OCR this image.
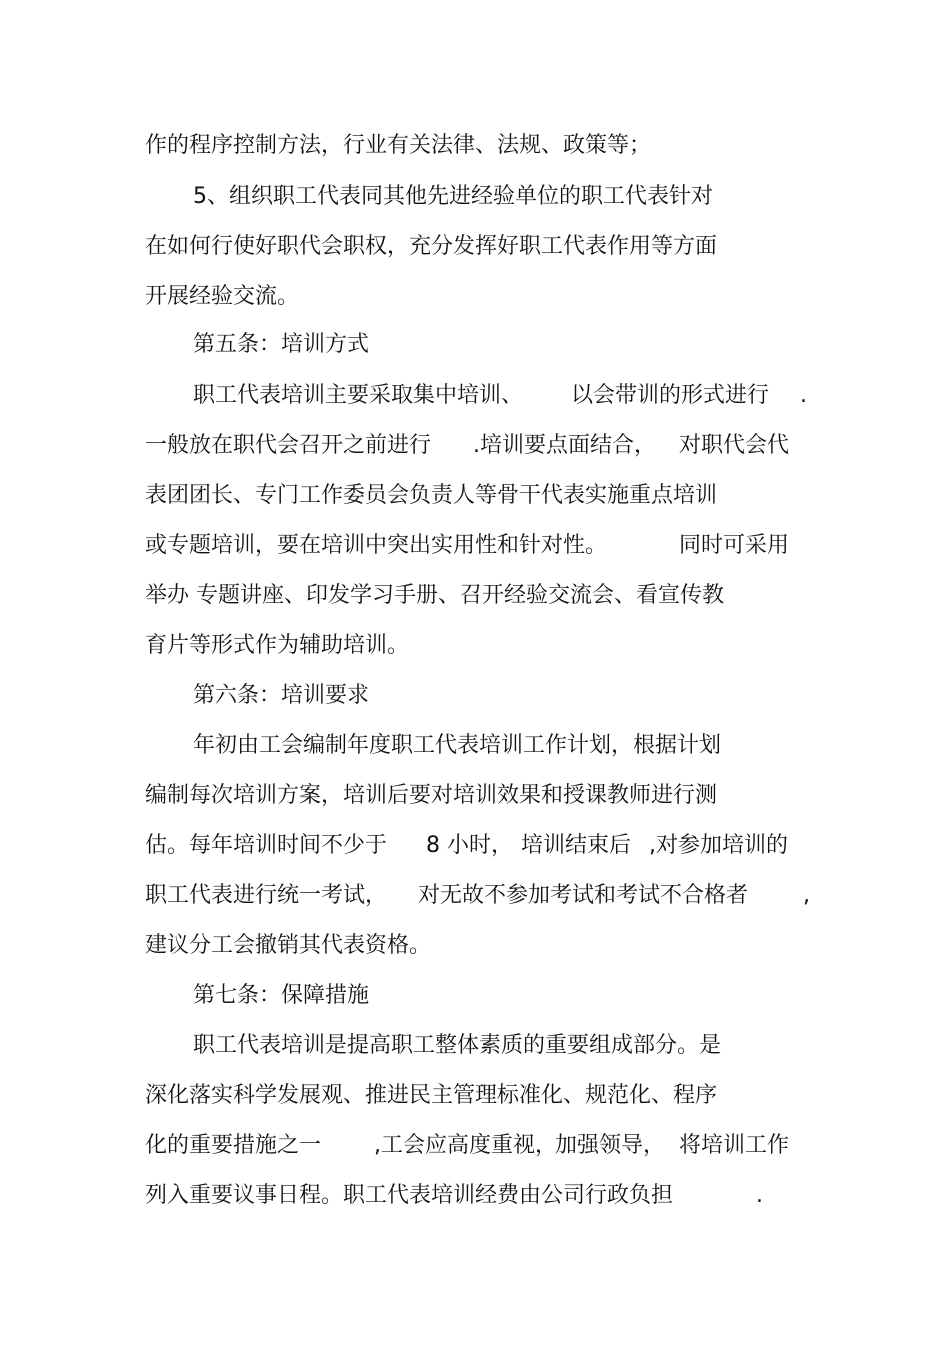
作的程序控制方法，行业有关法律、法规、政策等；
5、组织职工代表同其他先进经验单位的职工代表针对
在如何行使好职代会职权，充分发挥好职工代表作用等方面
开展经验交流。
第五条：培训方式
职工代表培训主要采取集中培训、 以会带训的形式进行 .
一般放在职代会召开之前进行 .培训要点面结合， 对职代会代
表团团长、专门工作委员会负责人等骨干代表实施重点培训
或专题培训，要在培训中突出实用性和针对性。	同时可采用
举办 专题讲座、印发学习手册、召开经验交流会、看宣传教
育片等形式作为辅助培训。
第六条：培训要求
年初由工会编制年度职工代表培训工作计划，根据计划
编制每次培训方案，培训后要对培训效果和授课教师进行测
估。每年培训时间不少于 8 小时， 培训结束后 ,对参加培训的
职工代表进行统一考试， 对无故不参加考试和考试不合格者 ,
建议分工会撤销其代表资格。
第七条：保障措施
职工代表培训是提高职工整体素质的重要组成部分。是
深化落实科学发展观、推进民主管理标准化、规范化、程序
化的重要措施之一 ,工会应高度重视，
加强领导， 将培训工作
列入重要议事日程。职工代表培训经费由公司行政负担	.
